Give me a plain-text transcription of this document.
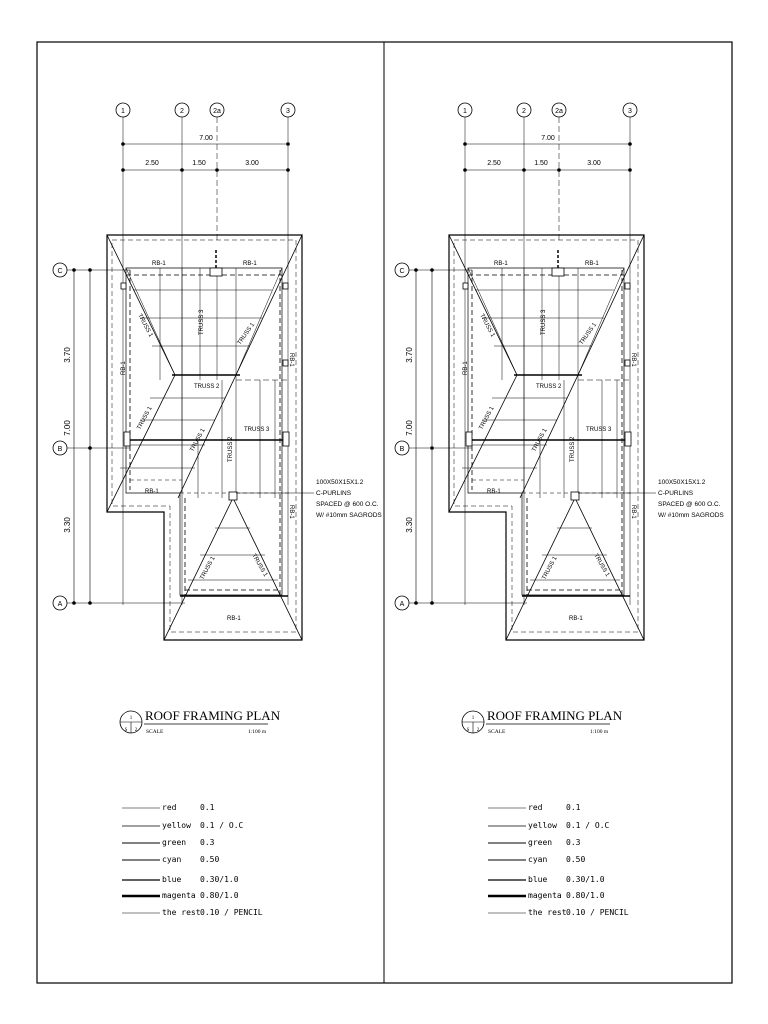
1	2	2a	3
7.00
2.50	1.50	3.00
C
B
A
7.00
3.70
3.30
RB-1	RB-1
RB-1
RB-1
RB-1
RB-1
RB-1
TRUSS 1	TRUSS 3	TRUSS 1
TRUSS 2
TRUSS 1
TRUSS 1	TRUSS 2
TRUSS 3
TRUSS 1	TRUSS 1
100X50X15X1.2
C-PURLINS
SPACED @ 600 O.C.
W/ #10mm SAGRODS
1
S 2
ROOF FRAMING PLAN
SCALE	1:100 m
red	0.1
yellow 0.1 / O.C
green 0.3
cyan 0.50
blue 0.30/1.0
magenta 0.80/1.0
the rest 0.10 / PENCIL
1	2	2a	3
7.00
2.50	1.50	3.00
C
B
A
7.00
3.70
3.30
RB-1	RB-1
RB-1
RB-1
RB-1
RB-1
RB-1
TRUSS 1	TRUSS 3	TRUSS 1
TRUSS 2
TRUSS 1
TRUSS 1	TRUSS 2
TRUSS 3
TRUSS 1	TRUSS 1
100X50X15X1.2
C-PURLINS
SPACED @ 600 O.C.
W/ #10mm SAGRODS
1
S 2
ROOF FRAMING PLAN
SCALE	1:100 m
red	0.1
yellow 0.1 / O.C
green 0.3
cyan 0.50
blue 0.30/1.0
magenta 0.80/1.0
the rest 0.10 / PENCIL
